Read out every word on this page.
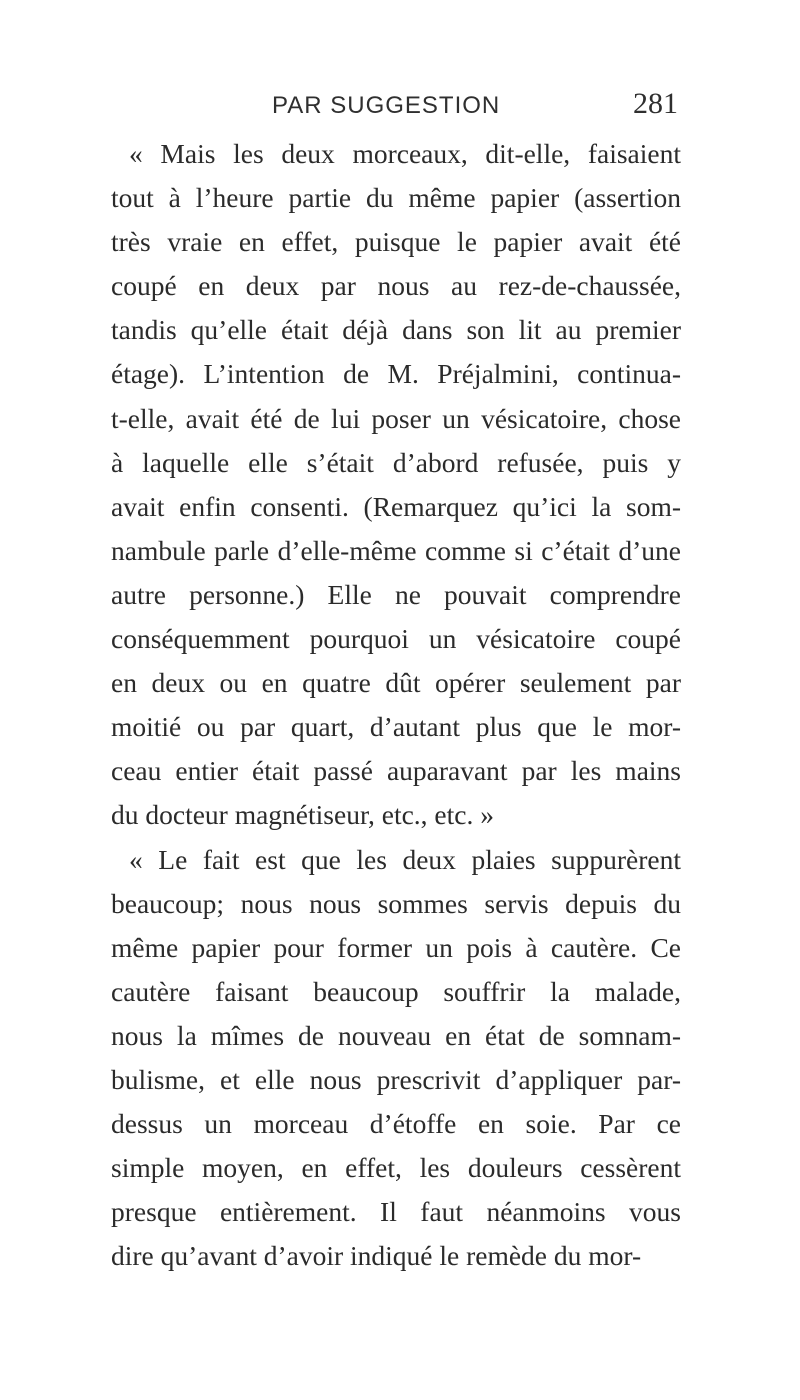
PAR SUGGESTION	281
« Mais les deux morceaux, dit-elle, faisaient
tout à l’heure partie du même papier (assertion
très vraie en effet, puisque le papier avait été
coupé en deux par nous au rez-de-chaussée,
tandis qu’elle était déjà dans son lit au premier
étage). L’intention de M. Préjalmini, continua-
t-elle, avait été de lui poser un vésicatoire, chose
à laquelle elle s’était d’abord refusée, puis y
avait enfin consenti. (Remarquez qu’ici la som-
nambule parle d’elle-même comme si c’était d’une
autre personne.) Elle ne pouvait comprendre
conséquemment pourquoi un vésicatoire coupé
en deux ou en quatre dût opérer seulement par
moitié ou par quart, d’autant plus que le mor-
ceau entier était passé auparavant par les mains
du docteur magnétiseur, etc., etc. »
« Le fait est que les deux plaies suppurèrent
beaucoup; nous nous sommes servis depuis du
même papier pour former un pois à cautère. Ce
cautère faisant beaucoup souffrir la malade,
nous la mîmes de nouveau en état de somnam-
bulisme, et elle nous prescrivit d’appliquer par-
dessus un morceau d’étoffe en soie. Par ce
simple moyen, en effet, les douleurs cessèrent
presque entièrement. Il faut néanmoins vous
dire qu’avant d’avoir indiqué le remède du mor-
